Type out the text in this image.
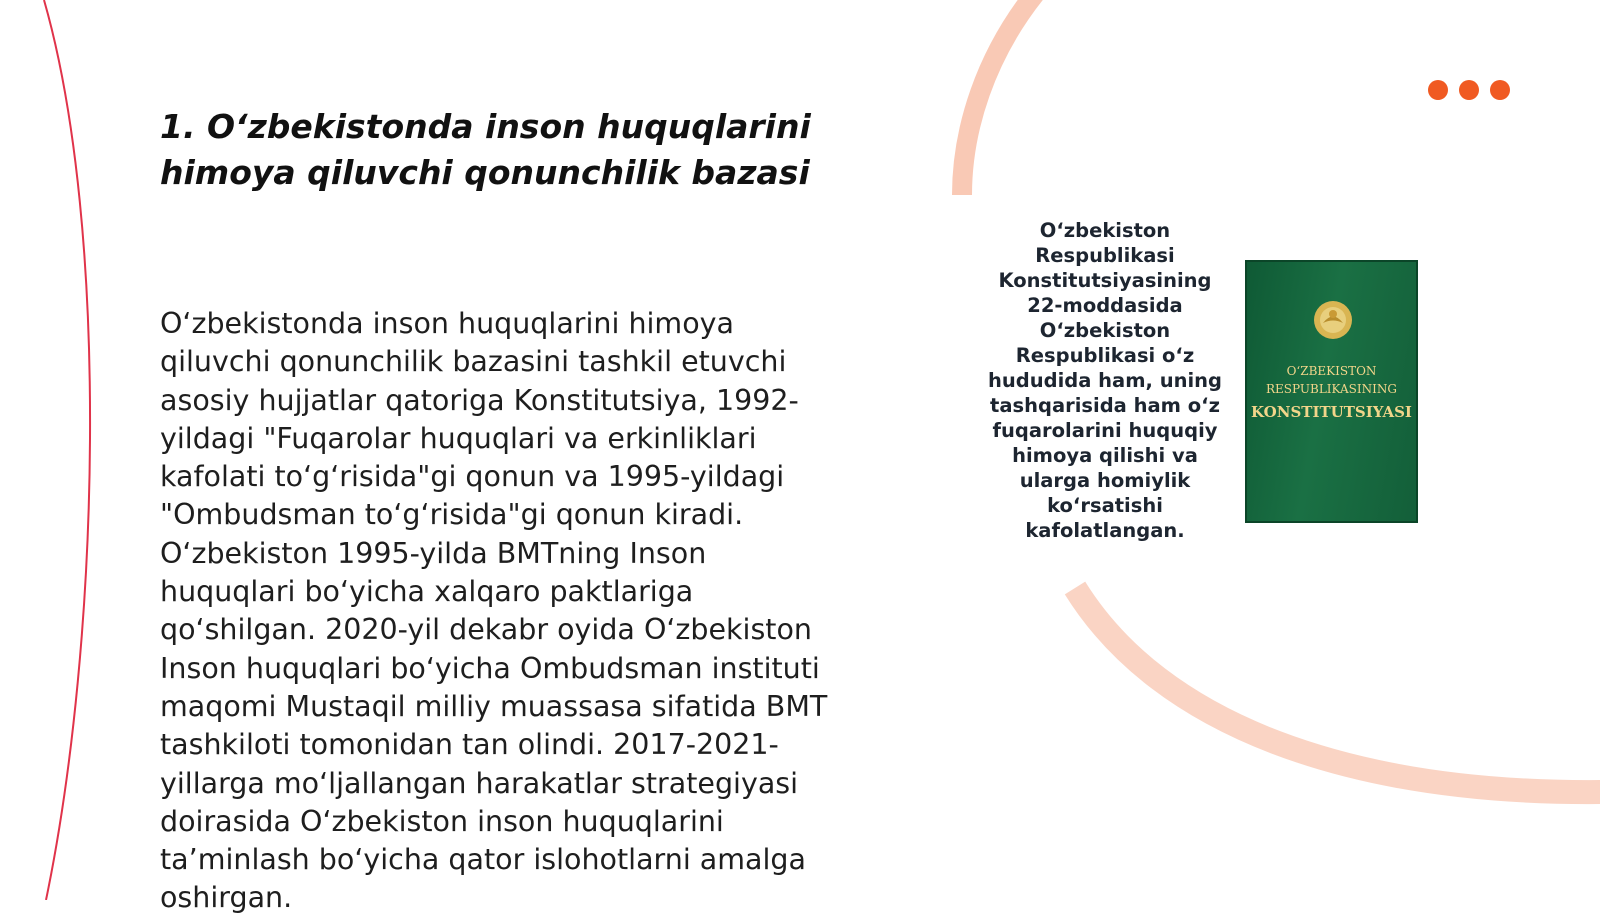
1. O‘zbekistonda inson huquqlarini himoya qiluvchi qonunchilik bazasi

O‘zbekistonda inson huquqlarini himoya qiluvchi qonunchilik bazasini tashkil etuvchi asosiy hujjatlar qatoriga Konstitutsiya, 1992-yildagi "Fuqarolar huquqlari va erkinliklari kafolati to‘g‘risida"gi qonun va 1995-yildagi "Ombudsman to‘g‘risida"gi qonun kiradi. O‘zbekiston 1995-yilda BMTning Inson huquqlari bo‘yicha xalqaro paktlariga qo‘shilgan. 2020-yil dekabr oyida O‘zbekiston Inson huquqlari bo‘yicha Ombudsman instituti maqomi Mustaqil milliy muassasa sifatida BMT tashkiloti tomonidan tan olindi. 2017-2021-yillarga mo‘ljallangan harakatlar strategiyasi doirasida O‘zbekiston inson huquqlarini ta’minlash bo‘yicha qator islohotlarni amalga oshirgan.

O‘zbekiston Respublikasi Konstitutsiyasining 22-moddasida O‘zbekiston Respublikasi o‘z hududida ham, uning tashqarisida ham o‘z fuqarolarini huquqiy himoya qilishi va ularga homiylik ko‘rsatishi kafolatlangan.

O‘ZBEKISTON
RESPUBLIKASINING
KONSTITUTSIYASI
